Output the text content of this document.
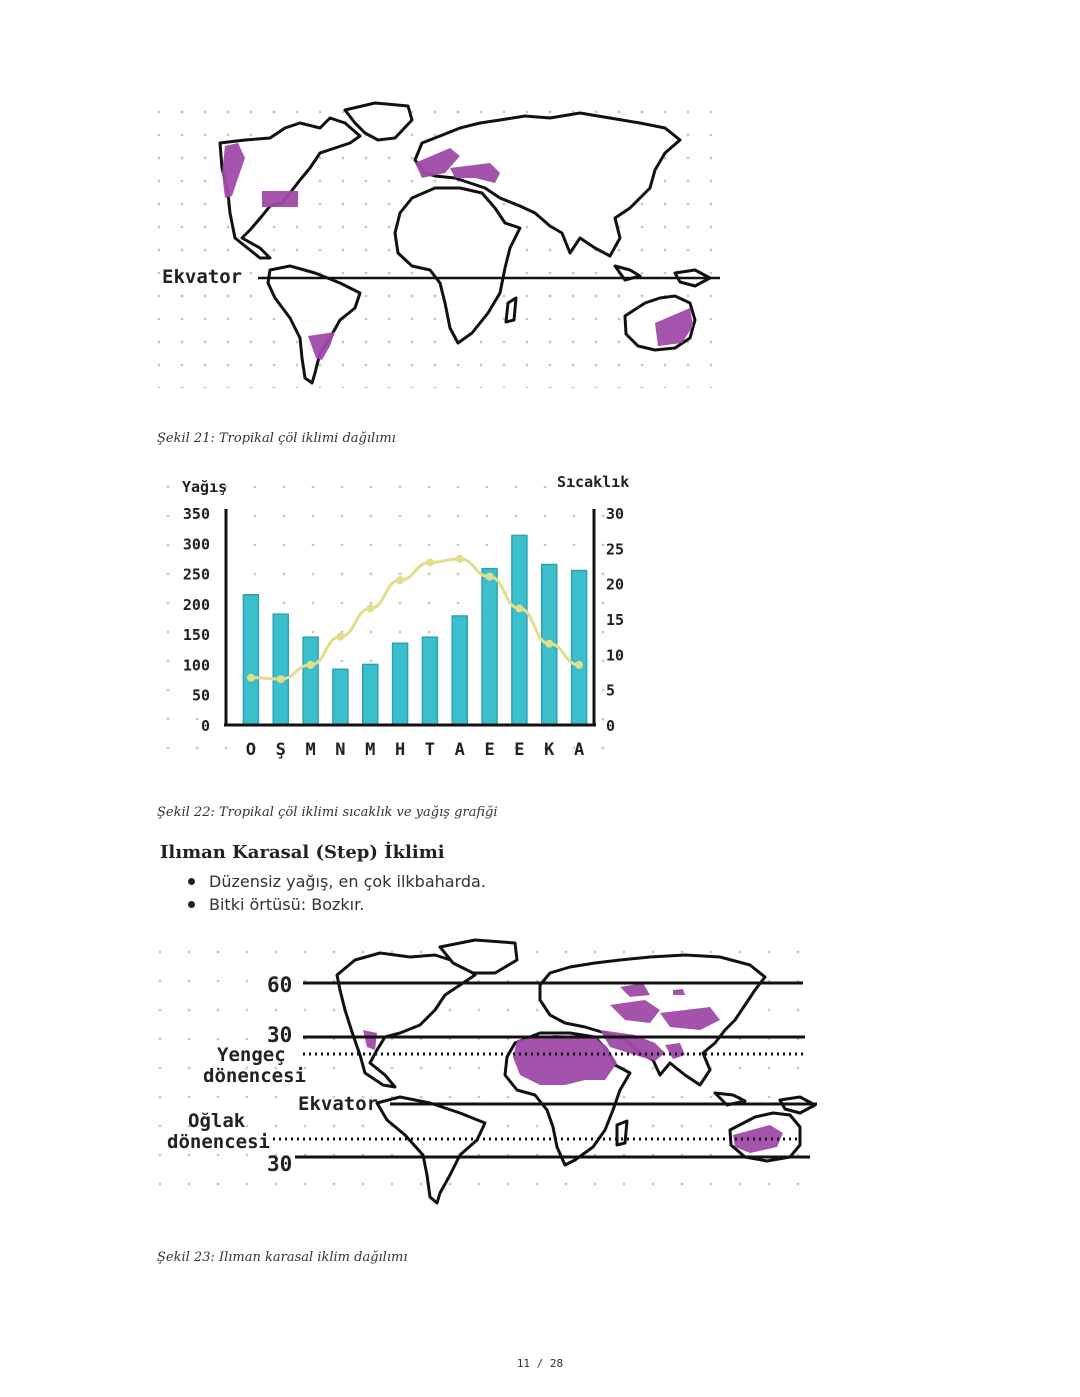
Ekvator
Şekil 21: Tropikal çöl iklimi dağılımı
Yağış	Sıcaklık
0
50
100
150
200
250
300
350
0
5
10
15
20
25
30
O Ş M N M H T A E E K A
Şekil 22: Tropikal çöl iklimi sıcaklık ve yağış grafiği
Ilıman Karasal (Step) İklimi
Düzensiz yağış, en çok ilkbaharda.
Bitki örtüsü: Bozkır.
60
30
Yengeç
dönencesi
Ekvator
Oğlak
dönencesi
30
Şekil 23: Ilıman karasal iklim dağılımı
11 / 28
